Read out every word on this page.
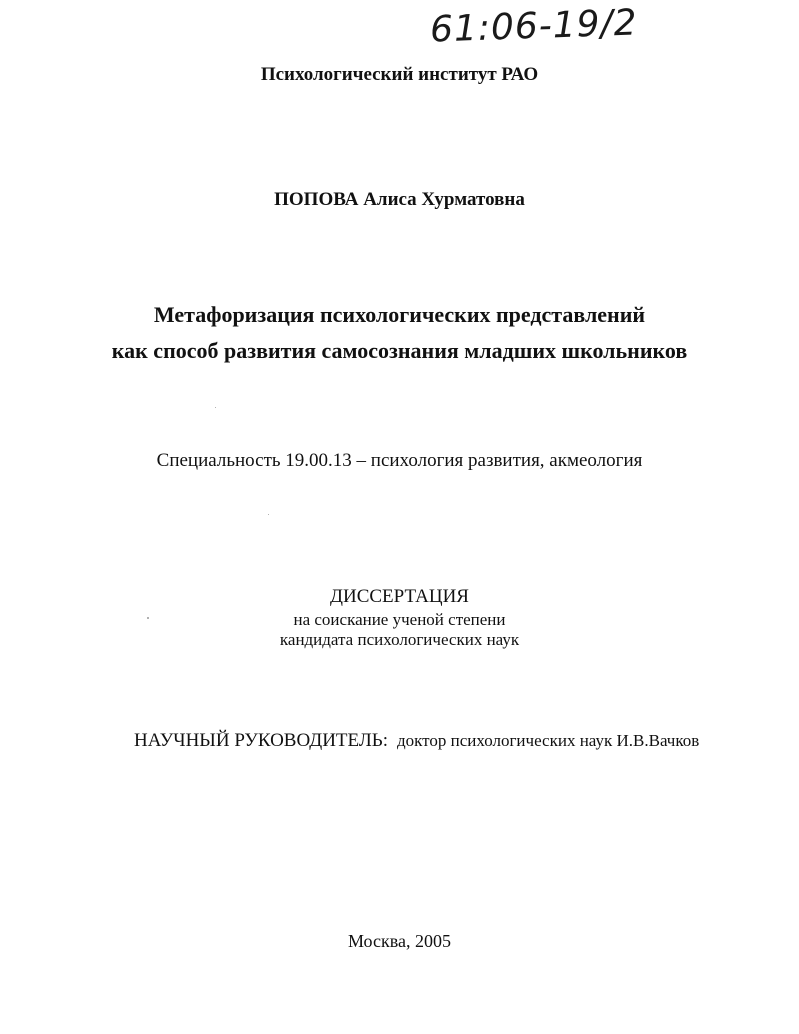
61:06-19/2
Психологический институт РАО
ПОПОВА Алиса Хурматовна
Метафоризация психологических представлений
как способ развития самосознания младших школьников
Специальность 19.00.13 – психология развития, акмеология
ДИССЕРТАЦИЯ
на соискание ученой степени
кандидата психологических наук
НАУЧНЫЙ РУКОВОДИТЕЛЬ: доктор психологических наук И.В.Вачков
Москва, 2005
